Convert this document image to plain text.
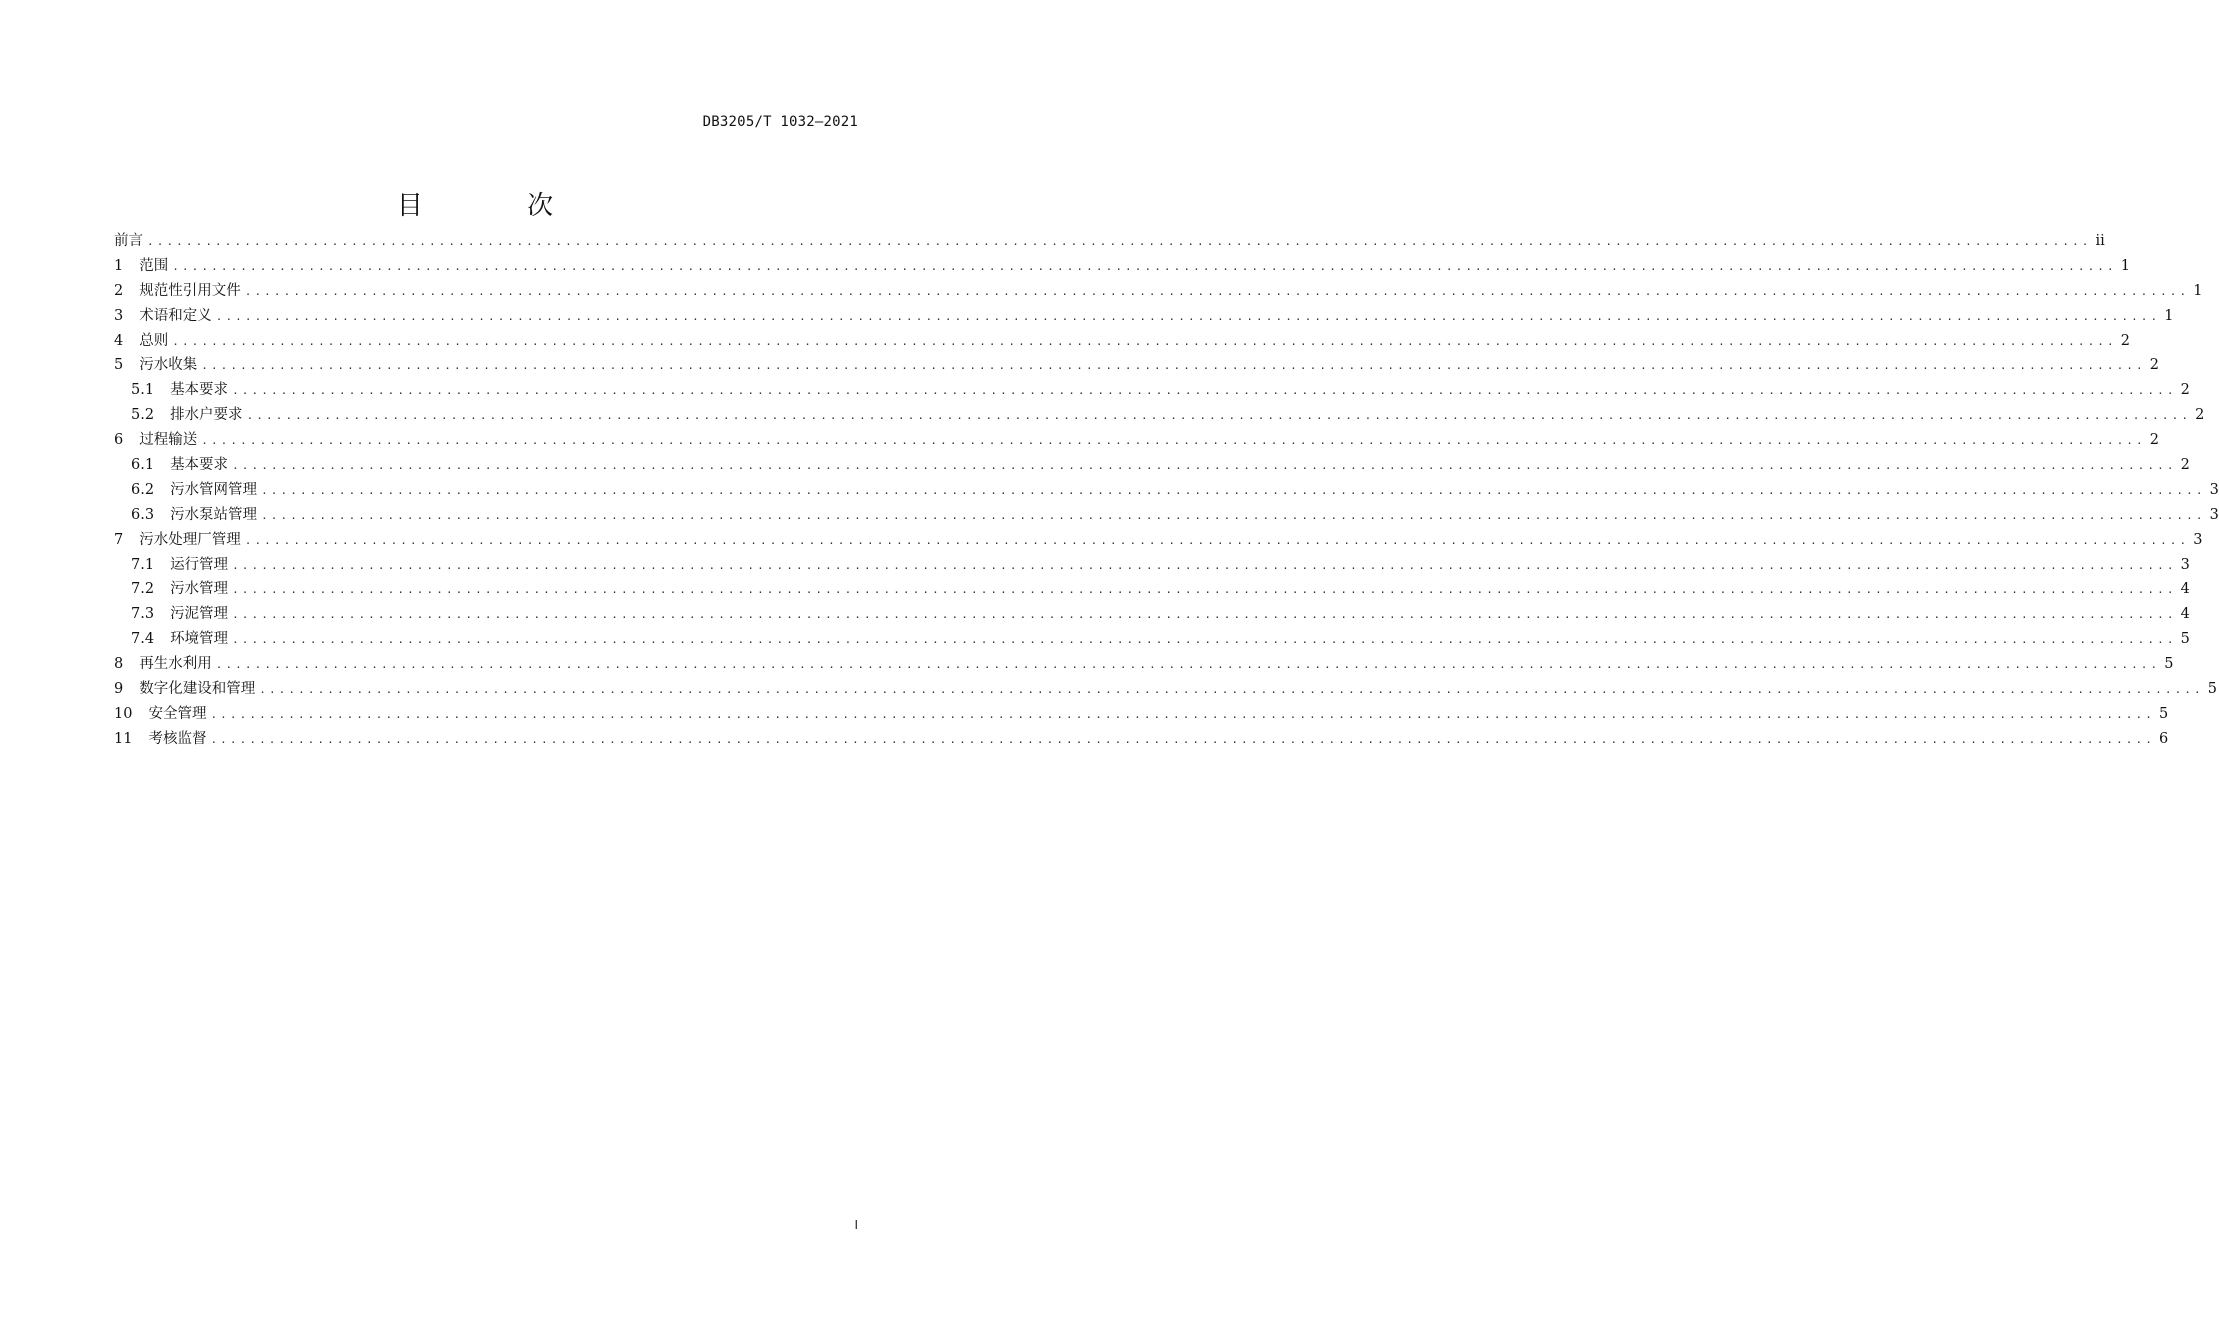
DB3205/T 1032—2021
目 次
前言 ........................................................................................................................................................................................................ ii
1 范围 ........................................................................................................................................................................................................ 1
2 规范性引用文件 ........................................................................................................................................................................................................ 1
3 术语和定义 ........................................................................................................................................................................................................ 1
4 总则 ........................................................................................................................................................................................................ 2
5 污水收集 ........................................................................................................................................................................................................ 2
5.1 基本要求 ........................................................................................................................................................................................................ 2
5.2 排水户要求 ........................................................................................................................................................................................................ 2
6 过程输送 ........................................................................................................................................................................................................ 2
6.1 基本要求 ........................................................................................................................................................................................................ 2
6.2 污水管网管理 ........................................................................................................................................................................................................ 3
6.3 污水泵站管理 ........................................................................................................................................................................................................ 3
7 污水处理厂管理 ........................................................................................................................................................................................................ 3
7.1 运行管理 ........................................................................................................................................................................................................ 3
7.2 污水管理 ........................................................................................................................................................................................................ 4
7.3 污泥管理 ........................................................................................................................................................................................................ 4
7.4 环境管理 ........................................................................................................................................................................................................ 5
8 再生水利用 ........................................................................................................................................................................................................ 5
9 数字化建设和管理 ........................................................................................................................................................................................................ 5
10 安全管理 ........................................................................................................................................................................................................ 5
11 考核监督 ........................................................................................................................................................................................................ 6
I
